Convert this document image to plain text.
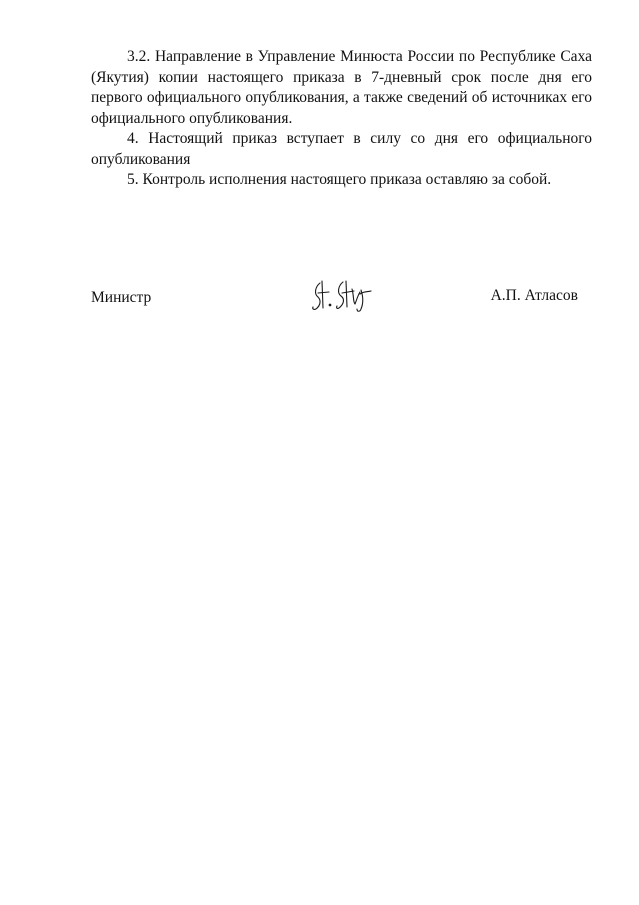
3.2. Направление в Управление Минюста России по Республике Саха (Якутия) копии настоящего приказа в 7-дневный срок после дня его первого официального опубликования, а также сведений об источниках его официального опубликования.

4. Настоящий приказ вступает в силу со дня его официального опубликования

5. Контроль исполнения настоящего приказа оставляю за собой.

Министр	А.П. Атласов
